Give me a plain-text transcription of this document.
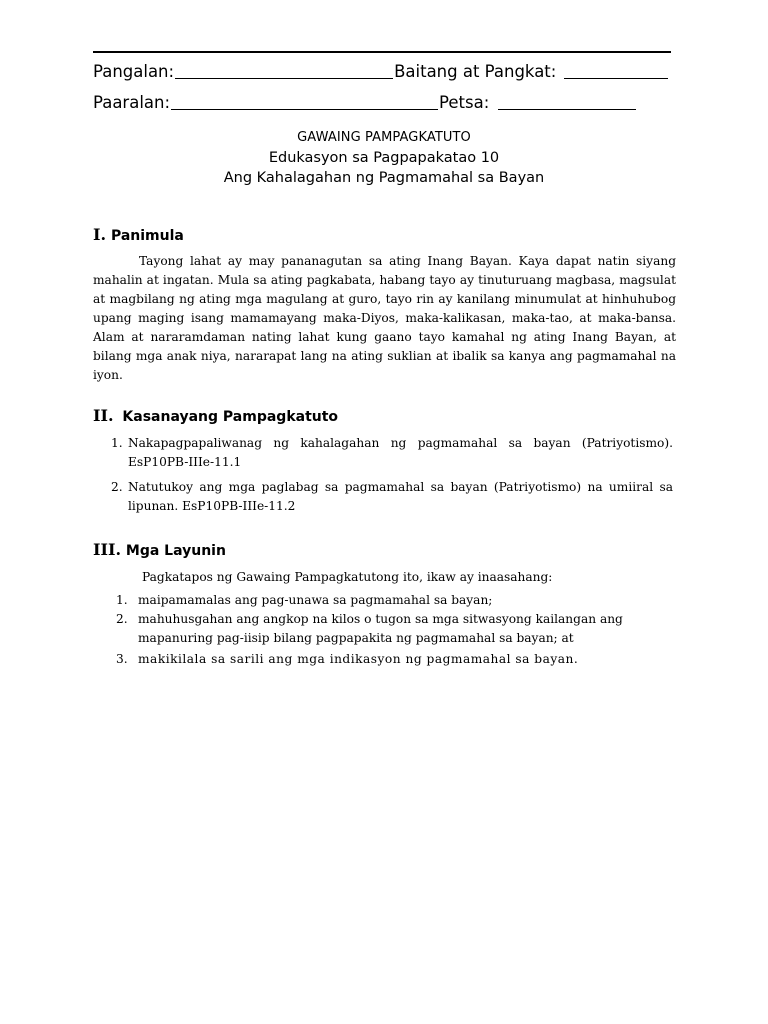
Pangalan:	Baitang at Pangkat:
Paaralan:	Petsa:
GAWAING PAMPAGKATUTO
Edukasyon sa Pagpapakatao 10
Ang Kahalagahan ng Pagmamahal sa Bayan
I. Panimula

Tayong lahat ay may pananagutan sa ating Inang Bayan. Kaya dapat natin siyang mahalin at ingatan. Mula sa ating pagkabata, habang tayo ay tinuturuang magbasa, magsulat at magbilang ng ating mga magulang at guro, tayo rin ay kanilang minumulat at hinhuhubog upang maging isang mamamayang maka-Diyos, maka-kalikasan, maka-tao, at maka-bansa. Alam at nararamdaman nating lahat kung gaano tayo kamahal ng ating Inang Bayan, at bilang mga anak niya, nararapat lang na ating suklian at ibalik sa kanya ang pagmamahal na iyon.

II. Kasanayang Pampagkatuto
1. Nakapagpapaliwanag ng kahalagahan ng pagmamahal sa bayan (Patriyotismo). EsP10PB-IIIe-11.1
2. Natutukoy ang mga paglabag sa pagmamahal sa bayan (Patriyotismo) na umiiral sa lipunan. EsP10PB-IIIe-11.2
III. Mga Layunin
Pagkatapos ng Gawaing Pampagkatutong ito, ikaw ay inaasahang:
1. maipamamalas ang pag-unawa sa pagmamahal sa bayan;
2. mahuhusgahan ang angkop na kilos o tugon sa mga sitwasyong kailangan ang mapanuring pag-iisip bilang pagpapakita ng pagmamahal sa bayan; at
3. makikilala sa sarili ang mga indikasyon ng pagmamahal sa bayan.
